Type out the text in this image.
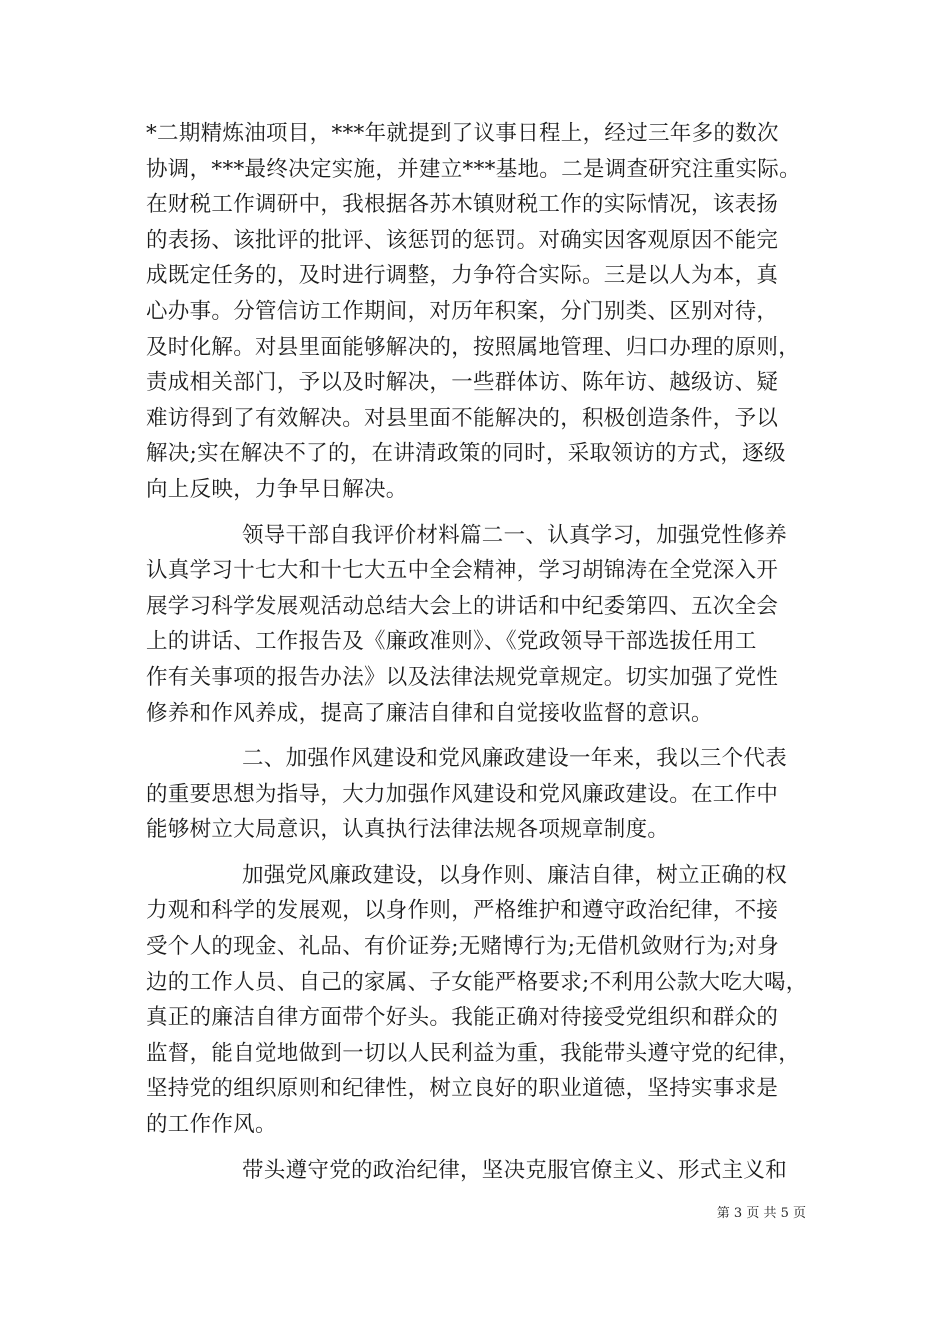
*二期精炼油项目，***年就提到了议事日程上，经过三年多的数次
协调，***最终决定实施，并建立***基地。二是调查研究注重实际。
在财税工作调研中，我根据各苏木镇财税工作的实际情况，该表扬
的表扬、该批评的批评、该惩罚的惩罚。对确实因客观原因不能完
成既定任务的，及时进行调整，力争符合实际。三是以人为本，真
心办事。分管信访工作期间，对历年积案，分门别类、区别对待，
及时化解。对县里面能够解决的，按照属地管理、归口办理的原则，
责成相关部门，予以及时解决，一些群体访、陈年访、越级访、疑
难访得到了有效解决。对县里面不能解决的，积极创造条件，予以
解决;实在解决不了的，在讲清政策的同时，采取领访的方式，逐级
向上反映，力争早日解决。
领导干部自我评价材料篇二一、认真学习，加强党性修养
认真学习十七大和十七大五中全会精神，学习胡锦涛在全党深入开
展学习科学发展观活动总结大会上的讲话和中纪委第四、五次全会
上的讲话、工作报告及《廉政准则》、《党政领导干部选拔任用工
作有关事项的报告办法》以及法律法规党章规定。切实加强了党性
修养和作风养成，提高了廉洁自律和自觉接收监督的意识。
二、加强作风建设和党风廉政建设一年来，我以三个代表
的重要思想为指导，大力加强作风建设和党风廉政建设。在工作中
能够树立大局意识，认真执行法律法规各项规章制度。
加强党风廉政建设，以身作则、廉洁自律，树立正确的权
力观和科学的发展观，以身作则，严格维护和遵守政治纪律，不接
受个人的现金、礼品、有价证券;无赌博行为;无借机敛财行为;对身
边的工作人员、自己的家属、子女能严格要求;不利用公款大吃大喝，
真正的廉洁自律方面带个好头。我能正确对待接受党组织和群众的
监督，能自觉地做到一切以人民利益为重，我能带头遵守党的纪律，
坚持党的组织原则和纪律性，树立良好的职业道德，坚持实事求是
的工作作风。
带头遵守党的政治纪律，坚决克服官僚主义、形式主义和
第 3 页 共 5 页
